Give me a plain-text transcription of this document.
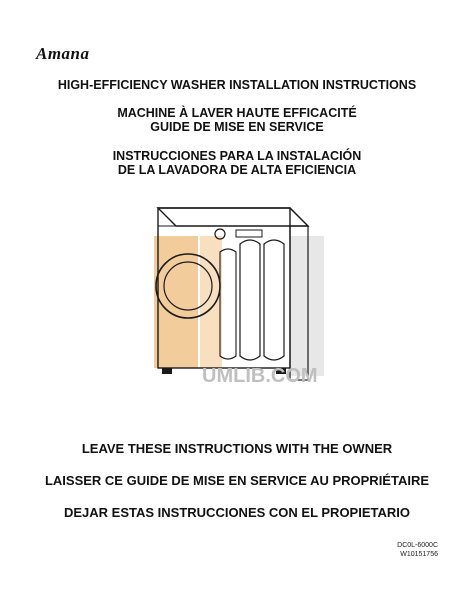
Amana
HIGH-EFFICIENCY WASHER INSTALLATION INSTRUCTIONS
MACHINE À LAVER HAUTE EFFICACITÉ
GUIDE DE MISE EN SERVICE
INSTRUCCIONES PARA LA INSTALACIÓN
DE LA LAVADORA DE ALTA EFICIENCIA
UMLIB.COM
LEAVE THESE INSTRUCTIONS WITH THE OWNER
LAISSER CE GUIDE DE MISE EN SERVICE AU PROPRIÉTAIRE
DEJAR ESTAS INSTRUCCIONES CON EL PROPIETARIO
DC0L-6000C
W10151756
